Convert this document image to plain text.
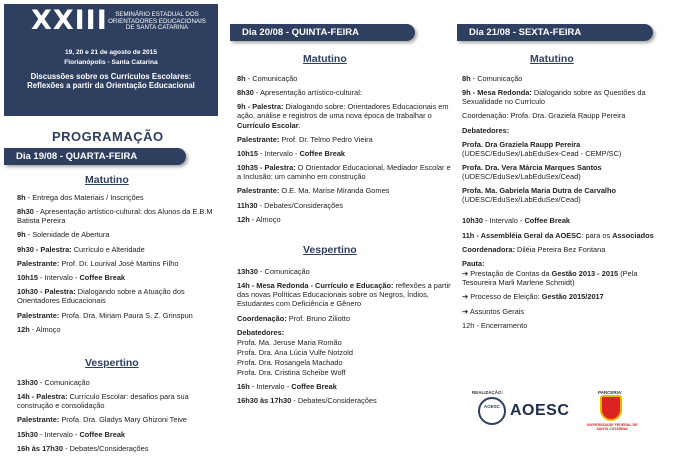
XXIII	SEMINÁRIO ESTADUAL DOS ORIENTADORES EDUCACIONAIS DE SANTA CATARINA
19, 20 e 21 de agosto de 2015
Florianópolis - Santa Catarina
Discussões sobre os Currículos Escolares:
Reflexões a partir da Orientação Educacional
PROGRAMAÇÃO
Dia 19/08 - QUARTA-FEIRA
Dia 20/08 - QUINTA-FEIRA	Dia 21/08 - SEXTA-FEIRA
Matutino
8h - Entrega dos Materiais / Inscrições
8h30 - Apresentação artístico-cultural: dos Alunos da E.B.M Batista Pereira
9h - Solenidade de Abertura
9h30 - Palestra: Currículo e Alteridade
Palestrante: Prof. Dr. Lourival José Martins Filho
10h15 - Intervalo - Coffee Break
10h30 - Palestra: Dialogando sobre a Atuação dos Orientadores Educacionais
Palestrante: Profa. Dra. Miriam Paura S. Z. Grinspun
12h - Almoço
Vespertino
13h30 - Comunicação
14h - Palestra: Currículo Escolar: desafios para sua construção e consolidação
Palestrante: Profa. Dra. Gladys Mary Ghizoni Teive
15h30 - Intervalo - Coffee Break
16h às 17h30 - Debates/Considerações
Matutino
8h - Comunicação
8h30 - Apresentação artístico-cultural:
9h - Palestra: Dialogando sobre: Orientadores Educacionais em ação, análise e registros de uma nova época de trabalhar o Currículo Escolar.
Palestrante: Prof. Dr. Telmo Pedro Vieira
10h15 - Intervalo - Coffee Break
10h35 - Palestra: O Orientador Educacional, Mediador Escolar e a Inclusão: um caminho em construção
Palestrante: O.E. Ma. Marise Miranda Gomes
11h30 - Debates/Considerações
12h - Almoço
Vespertino
13h30 - Comunicação
14h - Mesa Redonda - Currículo e Educação: reflexões a partir das novas Políticas Educacionais sobre os Negros, Índios, Estudantes com Deficiência e Gênero
Coordenação: Prof. Bruno Ziliotto
Debatedores:
Profa. Ma. Jeruse Maria Romão
Profa. Dra. Ana Lúcia Vulfe Notzold
Profa. Dra. Rosangela Machado
Profa. Dra. Cristina Scheibe Woff
16h - Intervalo - Coffee Break
16h30 às 17h30 - Debates/Considerações
Matutino
8h - Comunicação
9h - Mesa Redonda: Dialogando sobre as Questões da Sexualidade no Currículo
Coordenação: Profa. Dra. Graziela Raupp Pereira
Debatedores:
Profa. Dra Graziela Raupp Pereira
(UDESC/EduSex/LabEduSex-Cead - CEMP/SC)
Profa. Dra. Vera Márcia Marques Santos
(UDESC/EduSex/LabEduSex/Cead)
Profa. Ma. Gabriela Maria Dutra de Carvalho
(UDESC/EduSex/LabEduSex/Cead)
10h30 - Intervalo - Coffee Break
11h - Assembléia Geral da AOESC: para os Associados
Coordenadora: Diléia Pereira Bez Fontana
Pauta:
➔ Prestação de Contas da Gestão 2013 - 2015 (Pela Tesoureira Marli Marlene Schmidt)
➔ Processo de Eleição: Gestão 2015/2017
➔ Assuntos Gerais
12h - Encerramento
REALIZAÇÃO:	PARCERIA:
AOESC AOESC
UNIVERSIDADE FEDERAL DE SANTA CATARINA
